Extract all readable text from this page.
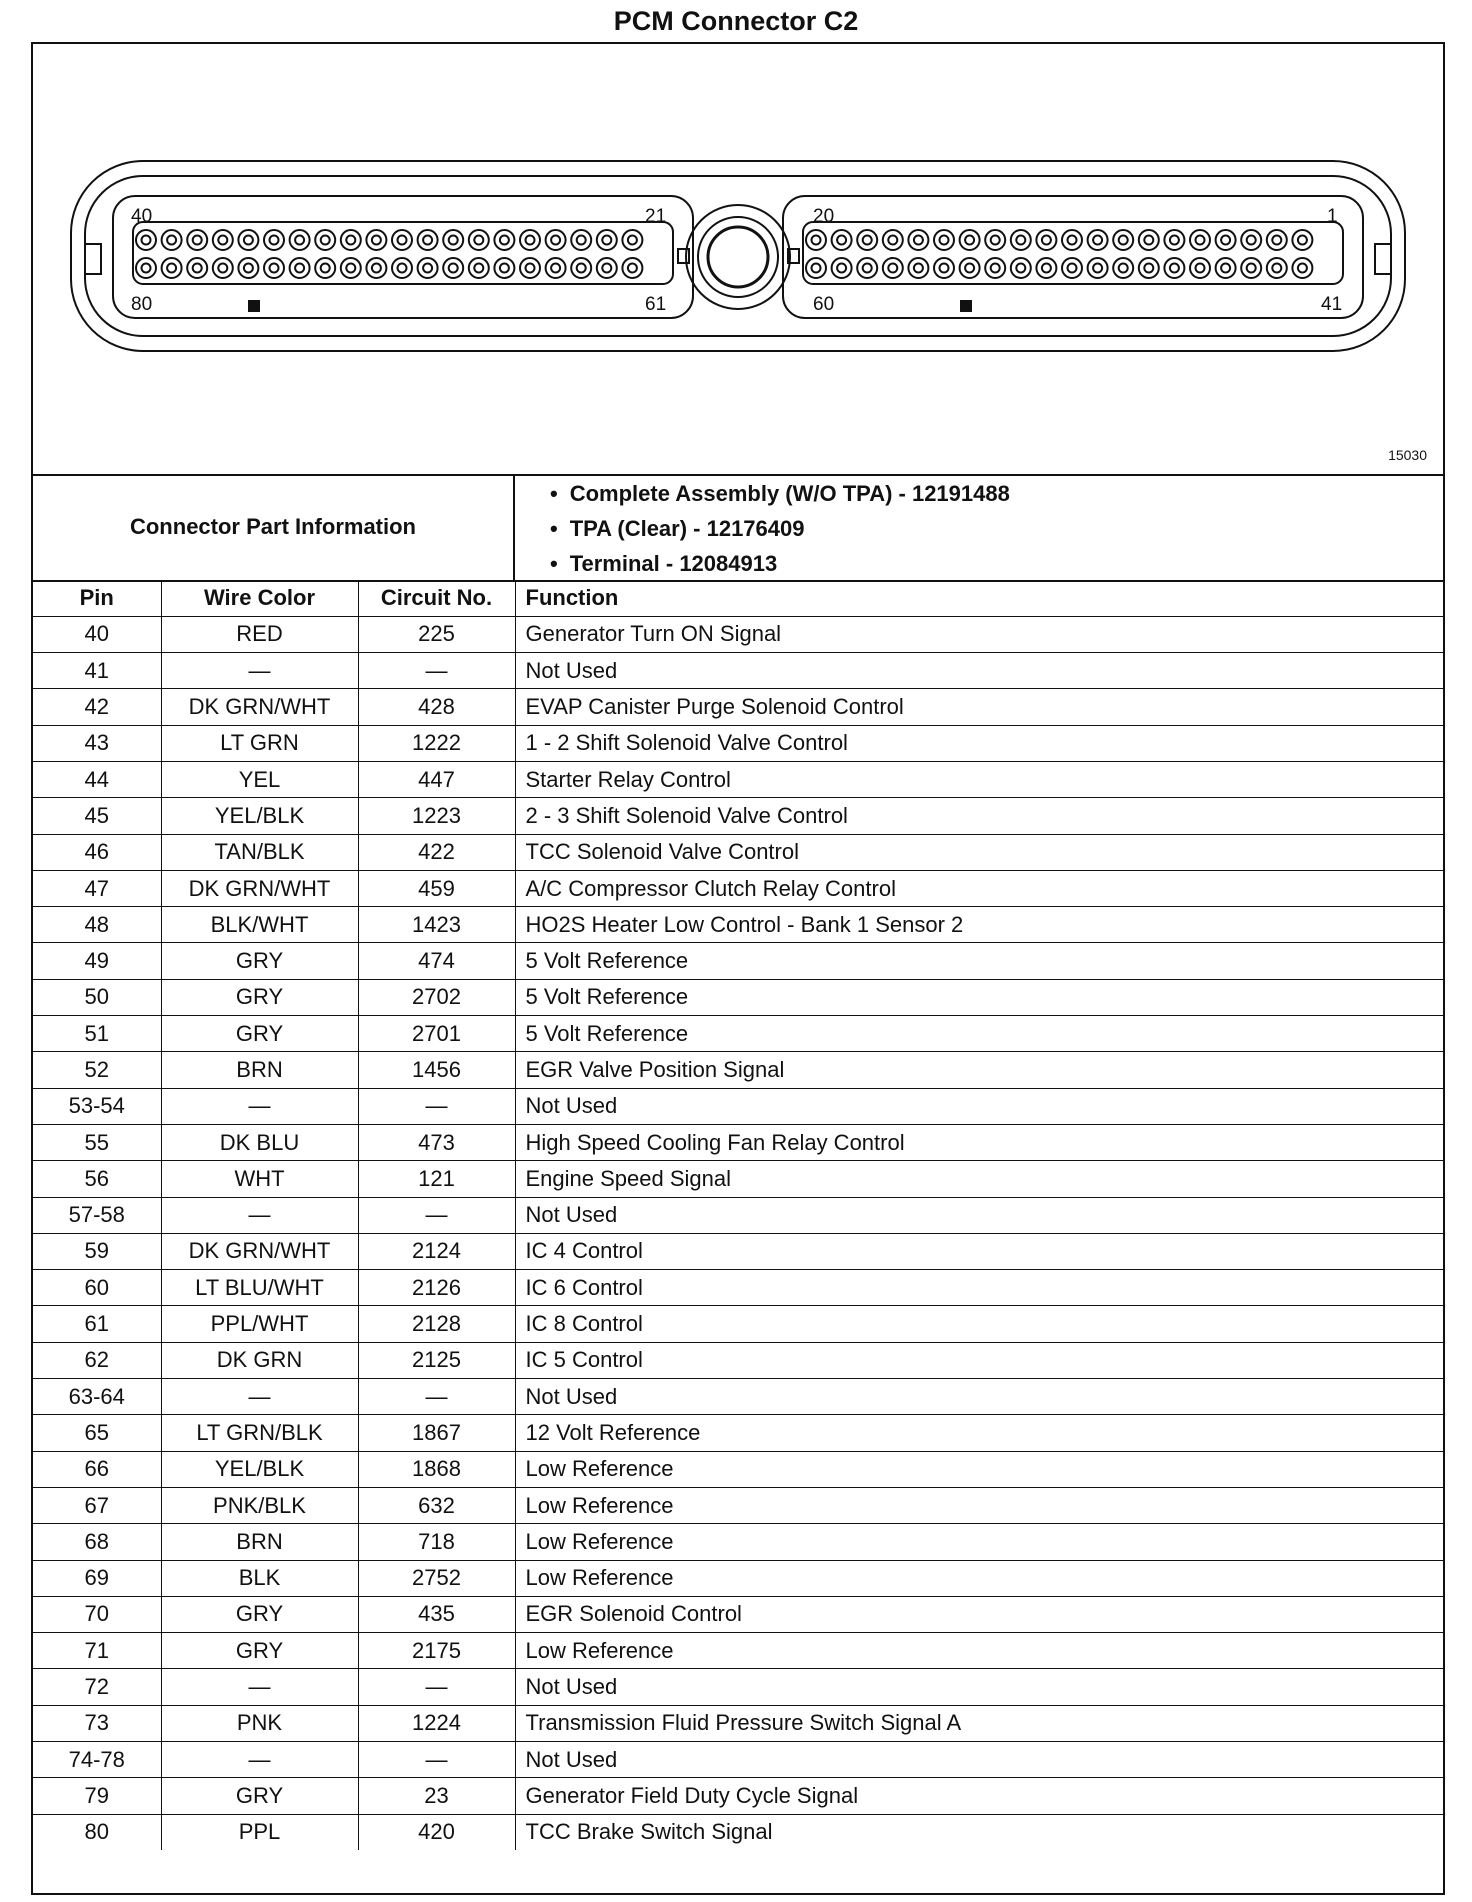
PCM Connector C2
40	21
80	61
20	1
60	41
15030
Connector Part Information
• Complete Assembly (W/O TPA) - 12191488
• TPA (Clear) - 12176409
• Terminal - 12084913
Pin	Wire Color	Circuit No.	Function
40	RED	225	Generator Turn ON Signal
41	—	—	Not Used
42	DK GRN/WHT	428	EVAP Canister Purge Solenoid Control
43	LT GRN	1222	1 - 2 Shift Solenoid Valve Control
44	YEL	447	Starter Relay Control
45	YEL/BLK	1223	2 - 3 Shift Solenoid Valve Control
46	TAN/BLK	422	TCC Solenoid Valve Control
47	DK GRN/WHT	459	A/C Compressor Clutch Relay Control
48	BLK/WHT	1423	HO2S Heater Low Control - Bank 1 Sensor 2
49	GRY	474	5 Volt Reference
50	GRY	2702	5 Volt Reference
51	GRY	2701	5 Volt Reference
52	BRN	1456	EGR Valve Position Signal
53-54	—	—	Not Used
55	DK BLU	473	High Speed Cooling Fan Relay Control
56	WHT	121	Engine Speed Signal
57-58	—	—	Not Used
59	DK GRN/WHT	2124	IC 4 Control
60	LT BLU/WHT	2126	IC 6 Control
61	PPL/WHT	2128	IC 8 Control
62	DK GRN	2125	IC 5 Control
63-64	—	—	Not Used
65	LT GRN/BLK	1867	12 Volt Reference
66	YEL/BLK	1868	Low Reference
67	PNK/BLK	632	Low Reference
68	BRN	718	Low Reference
69	BLK	2752	Low Reference
70	GRY	435	EGR Solenoid Control
71	GRY	2175	Low Reference
72	—	—	Not Used
73	PNK	1224	Transmission Fluid Pressure Switch Signal A
74-78	—	—	Not Used
79	GRY	23	Generator Field Duty Cycle Signal
80	PPL	420	TCC Brake Switch Signal
